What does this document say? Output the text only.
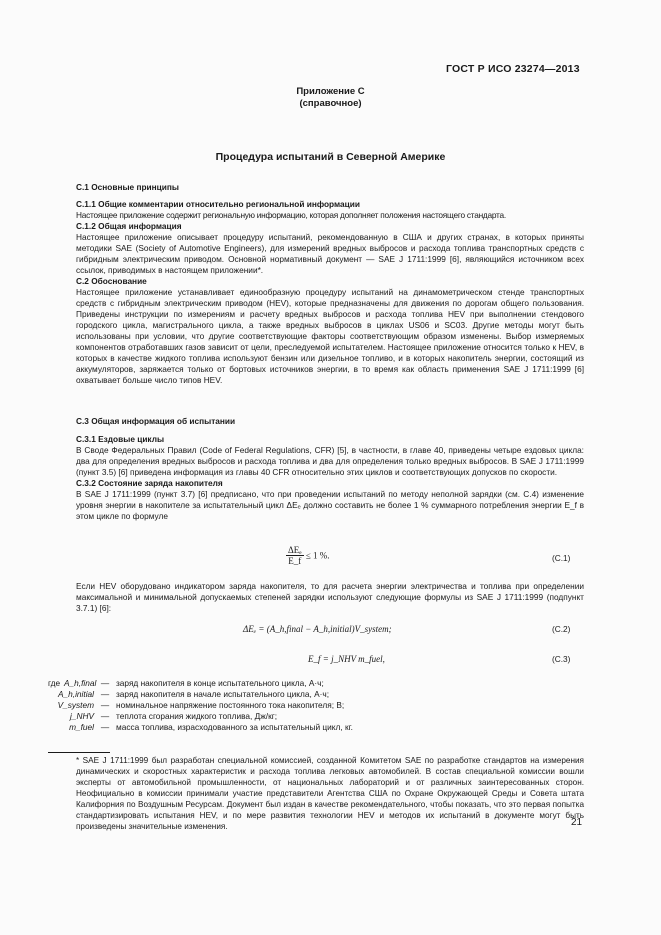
ГОСТ Р ИСО 23274—2013
Приложение С
(справочное)
Процедура испытаний в Северной Америке

С.1 Основные принципы

С.1.1 Общие комментарии относительно региональной информации

Настоящее приложение содержит региональную информацию, которая дополняет положения настоящего стандарта.

С.1.2 Общая информация

Настоящее приложение описывает процедуру испытаний, рекомендованную в США и других странах, в которых приняты методики SAE (Society of Automotive Engineers), для измерений вредных выбросов и расхода топлива транспортных средств с гибридным электрическим приводом. Основной нормативный документ — SAE J 1711:1999 [6], являющийся источником всех ссылок, приводимых в настоящем приложении*.

С.2 Обоснование

Настоящее приложение устанавливает единообразную процедуру испытаний на динамометрическом стенде транспортных средств с гибридным электрическим приводом (HEV), которые предназначены для движения по дорогам общего пользования. Приведены инструкции по измерениям и расчету вредных выбросов и расхода топлива HEV при выполнении стендового городского цикла, магистрального цикла, а также вредных выбросов в циклах US06 и SC03. Другие методы могут быть использованы при условии, что другие соответствующие факторы соответствующим образом изменены. Выбор измеряемых компонентов отработавших газов зависит от цели, преследуемой испытателем. Настоящее приложение относится только к HEV, в которых в качестве жидкого топлива используют бензин или дизельное топливо, и в которых накопитель энергии, состоящий из аккумуляторов, заряжается только от бортовых источников энергии, в то время как область применения SAE J 1711:1999 [6] охватывает больше число типов HEV.

С.3 Общая информация об испытании

С.3.1 Ездовые циклы

В Своде Федеральных Правил (Code of Federal Regulations, CFR) [5], в частности, в главе 40, приведены четыре ездовых цикла: два для определения вредных выбросов и расхода топлива и два для определения только вредных выбросов. В SAE J 1711:1999 (пункт 3.5) [6] приведена информация из главы 40 CFR относительно этих циклов и соответствующих допусков по скорости.

С.3.2 Состояние заряда накопителя

В SAE J 1711:1999 (пункт 3.7) [6] предписано, что при проведении испытаний по методу неполной зарядки (см. С.4) изменение уровня энергии в накопителе за испытательный цикл ΔEₑ должно составить не более 1 % суммарного потребления энергии E_f в этом цикле по формуле

$\frac{\text{ΔEₑ}}{E\_f} \le 1$ %.	(С.1)

Если HEV оборудовано индикатором заряда накопителя, то для расчета энергии электричества и топлива при определении максимальной и минимальной допускаемых степеней зарядки используют следующие формулы из SAE J 1711:1999 (подпункт 3.7.1) [6]:

ΔEₑ = (A_h,final − A_h,initial)V_system;	(С.2)
E_f = j_NHV m_fuel,	(С.3)
где A_h,final — заряд накопителя в конце испытательного цикла, А·ч;
A_h,initial — заряд накопителя в начале испытательного цикла, А·ч;
V_system — номинальное напряжение постоянного тока накопителя; В;
j_NHV — теплота сгорания жидкого топлива, Дж/кг;
m_fuel — масса топлива, израсходованного за испытательный цикл, кг.

* SAE J 1711:1999 был разработан специальной комиссией, созданной Комитетом SAE по разработке стандартов на измерения динамических и скоростных характеристик и расхода топлива легковых автомобилей. В состав специальной комиссии вошли эксперты от автомобильной промышленности, от национальных лабораторий и от различных заинтересованных сторон. Неофициально в комиссии принимали участие представители Агентства США по Охране Окружающей Среды и Совета штата Калифорния по Воздушным Ресурсам. Документ был издан в качестве рекомендательного, чтобы показать, что это первая попытка стандартизировать испытания HEV, и по мере развития технологии HEV и методов их испытаний в документе могут быть произведены значительные изменения.	21
